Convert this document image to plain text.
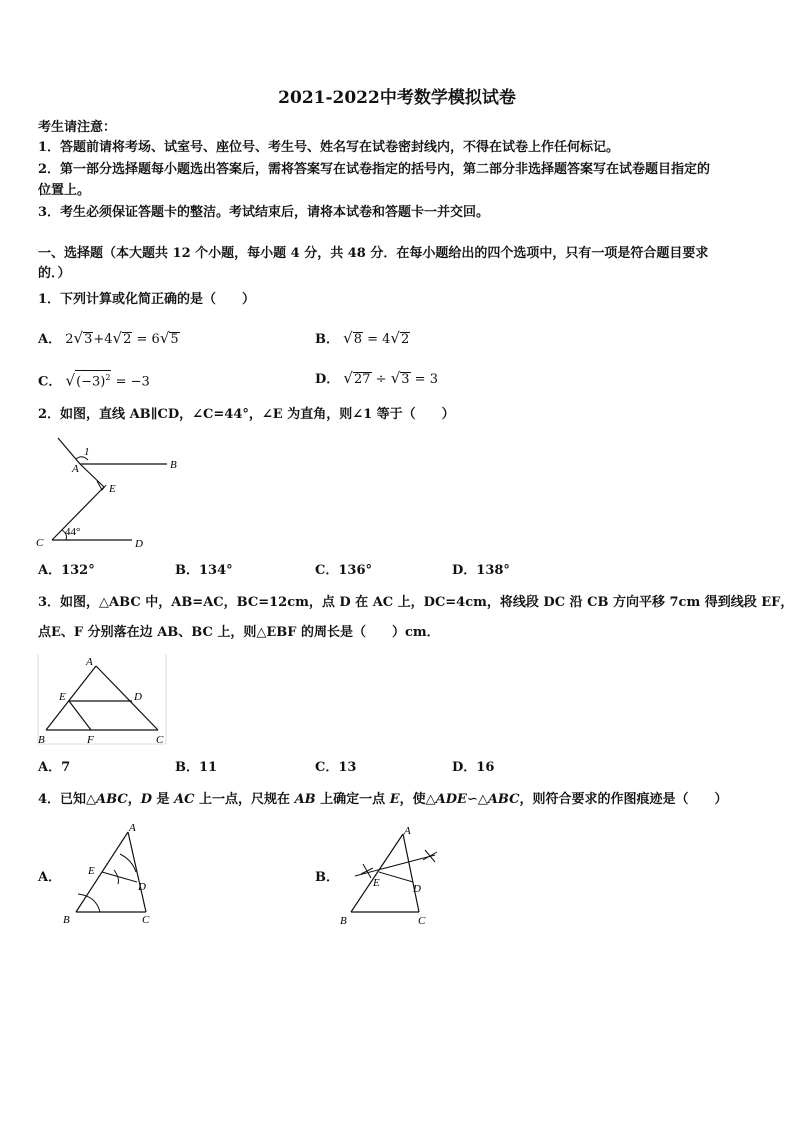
2021-2022中考数学模拟试卷
考生请注意：
1．答题前请将考场、试室号、座位号、考生号、姓名写在试卷密封线内，不得在试卷上作任何标记。
2．第一部分选择题每小题选出答案后，需将答案写在试卷指定的括号内，第二部分非选择题答案写在试卷题目指定的
位置上。
3．考生必须保证答题卡的整洁。考试结束后，请将本试卷和答题卡一并交回。
一、选择题（本大题共 12 个小题，每小题 4 分，共 48 分．在每小题给出的四个选项中，只有一项是符合题目要求
的．）
1．下列计算或化简正确的是（　　）
A． 2√3+4√2 = 6√5	B． √8 = 4√2
C． $√(-3)^2 = -3$	D． √27 ÷ √3 = 3
2．如图，直线 AB∥CD，∠C=44°，∠E 为直角，则∠1 等于（　　）
1
A	B
E
C	D
44°
A．132°	B．134°	C．136°	D．138°
3．如图，△ABC 中，AB=AC，BC=12cm，点 D 在 AC 上，DC=4cm，将线段 DC 沿 CB 方向平移 7cm 得到线段 EF，
点E、F 分别落在边 AB、BC 上，则△EBF 的周长是（　　）cm．
A
E	D
B	F	C
A．7	B．11	C．13	D．16
4．已知△ABC，D 是 AC 上一点，尺规在 AB 上确定一点 E，使△ADE∽△ABC，则符合要求的作图痕迹是（　　）
A．
A
E
D
B	C
B．
A
E	D
B	C
